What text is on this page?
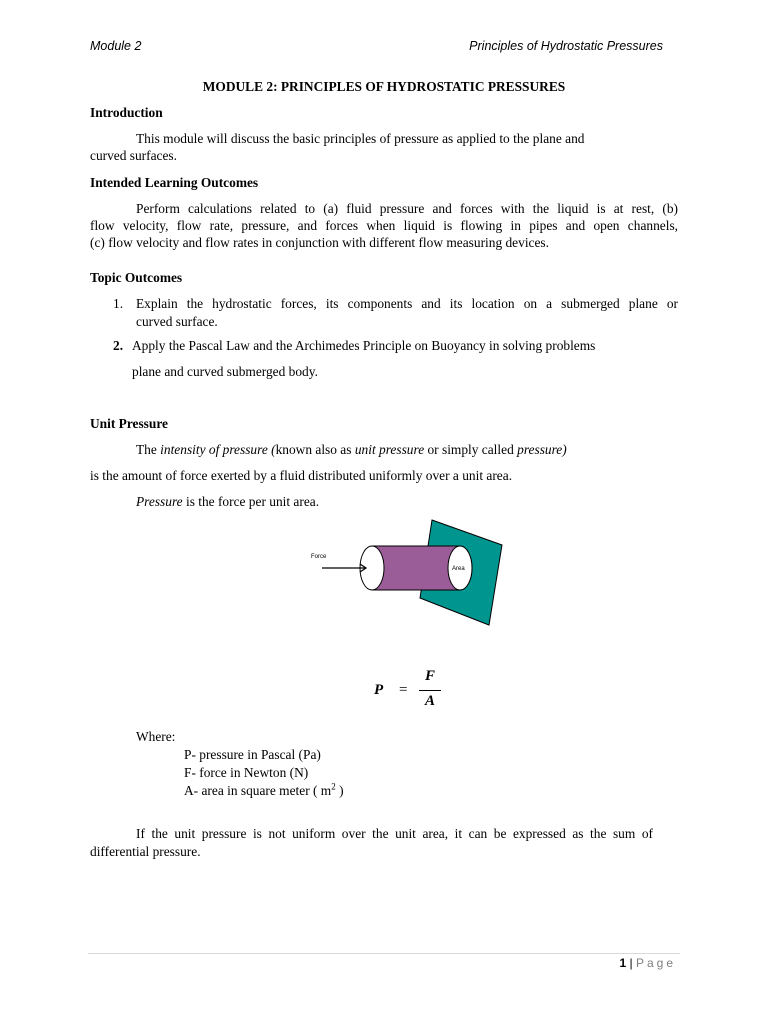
Module 2	Principles of Hydrostatic Pressures
MODULE 2: PRINCIPLES OF HYDROSTATIC PRESSURES
Introduction
This module will discuss the basic principles of pressure as applied to the plane and
curved surfaces.
Intended Learning Outcomes
Perform calculations related to (a) fluid pressure and forces with the liquid is at rest, (b)
flow velocity, flow rate, pressure, and forces when liquid is flowing in pipes and open channels,
(c) flow velocity and flow rates in conjunction with different flow measuring devices.
Topic Outcomes
1. Explain the hydrostatic forces, its components and its location on a submerged plane or
curved surface.
2. Apply the Pascal Law and the Archimedes Principle on Buoyancy in solving problems
plane and curved submerged body.
Unit Pressure
The intensity of pressure (known also as unit pressure or simply called pressure)
is the amount of force exerted by a fluid distributed uniformly over a unit area.
Pressure is the force per unit area.
Force
Area
P =
F
A
Where:
P- pressure in Pascal (Pa)
F- force in Newton (N)
A- area in square meter ( $m^2$ )
If the unit pressure is not uniform over the unit area, it can be expressed as the sum of
differential pressure.
1 | Page
